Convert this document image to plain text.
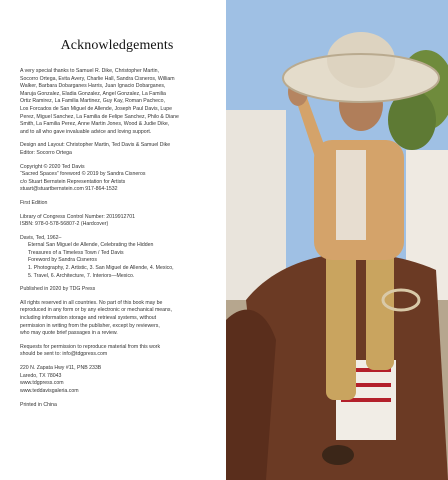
Acknowledgements
A very special thanks to Samuel R. Dike, Christopher Martin,
Socorro Ortega, Evita Avery, Charlie Hall, Sandra Cisneros, William
Walker, Barbara Dobarganes Harris, Juan Ignacio Dobarganes,
Maruja Gonzalez, Eladia Gonzalez, Angel Gonzalez, La Familia
Ortiz Ramirez, La Familia Martinez, Guy Kay, Roman Pacheco,
Los Forcados de San Miguel de Allende, Joseph Paul Davis, Lupe
Perez, Miguel Sanchez, La Familia de Felipe Sanchez, Philo & Diane
Smith, La Familia Perez, Anne Martin Jones, Wood & Judie Dike,
and to all who gave invaluable advice and loving support.
Design and Layout: Christopher Martin, Ted Davis & Samuel Dike
Editor: Socorro Ortega
Copyright © 2020 Ted Davis
“Sacred Spaces” foreword © 2019 by Sandra Cisneros
c/o Stuart Bernstein Representation for Artists
stuart@stuartbernstein.com 917-864-1532
First Edition
Library of Congress Control Number: 2019912701
ISBN: 978-0-578-56807-2 (Hardcover)
Davis, Ted, 1962–
Eternal San Miguel de Allende, Celebrating the Hidden
Treasures of a Timeless Town / Ted Davis
Foreword by Sandra Cisneros
1. Photography, 2. Artistic, 3. San Miguel de Allende, 4. Mexico,
5. Travel, 6. Architecture, 7. Interiors—Mexico.
Published in 2020 by TDG Press
All rights reserved in all countries. No part of this book may be
reproduced in any form or by any electronic or mechanical means,
including information storage and retrieval systems, without
permission in writing from the publisher, except by reviewers,
who may quote brief passages in a review.
Requests for permission to reproduce material from this work
should be sent to: info@tdgpress.com
220 N. Zapata Hwy #11, PNB 233B
Laredo, TX 78043
www.tdgpress.com
www.teddavisgaleria.com
Printed in China
